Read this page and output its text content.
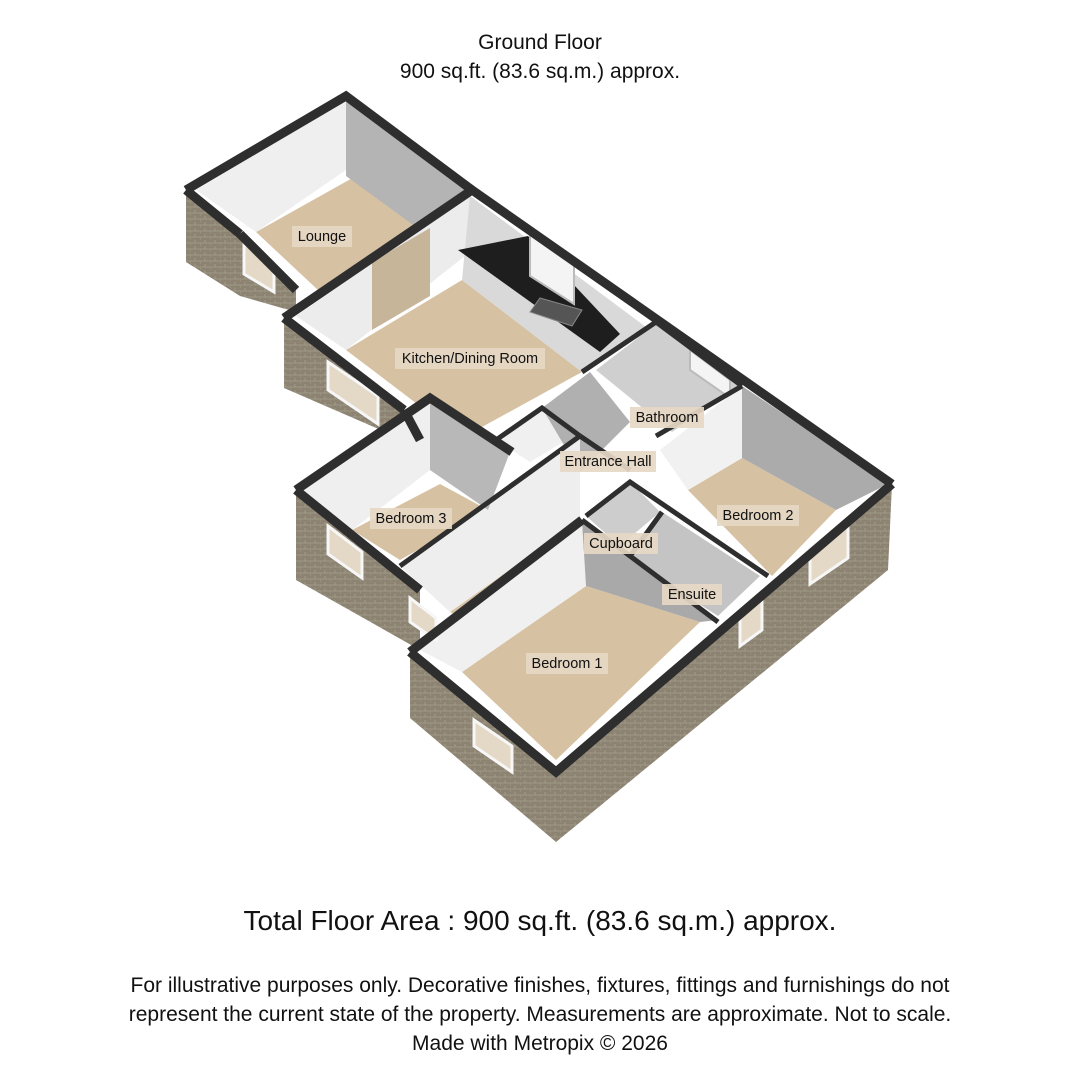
Ground Floor
900 sq.ft. (83.6 sq.m.) approx.
Lounge
Kitchen/Dining Room
Bathroom
Entrance Hall
Bedroom 3	Bedroom 2
Cupboard
Ensuite
Bedroom 1
Total Floor Area : 900 sq.ft. (83.6 sq.m.) approx.
For illustrative purposes only. Decorative finishes, fixtures, fittings and furnishings do not
represent the current state of the property. Measurements are approximate. Not to scale.
Made with Metropix © 2026
